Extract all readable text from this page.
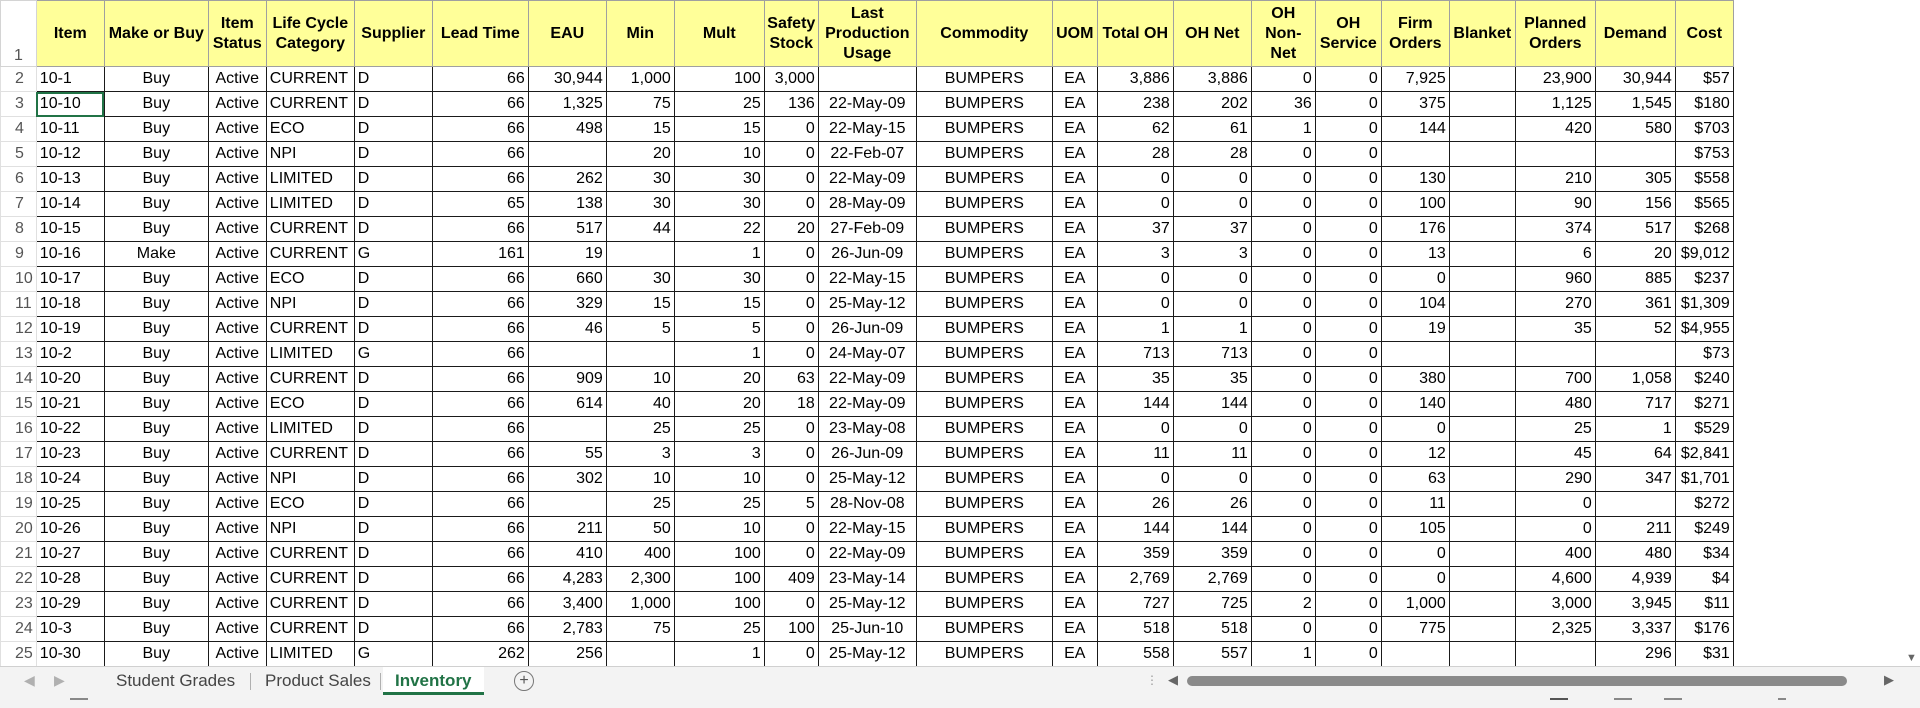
1	Item	Make or Buy	Item Status	Life Cycle Category	Supplier	Lead Time	EAU	Min	Mult	Safety Stock	Last Production Usage	Commodity	UOM	Total OH	OH Net	OH Non-Net	OH Service	Firm Orders	Blanket	Planned Orders	Demand	Cost
2	10-1	Buy	Active	CURRENT	D	66	30,944	1,000	100	3,000		BUMPERS	EA	3,886	3,886	0	0	7,925		23,900	30,944	$57
3	10-10	Buy	Active	CURRENT	D	66	1,325	75	25	136	22-May-09	BUMPERS	EA	238	202	36	0	375		1,125	1,545	$180
4	10-11	Buy	Active	ECO	D	66	498	15	15	0	22-May-15	BUMPERS	EA	62	61	1	0	144		420	580	$703
5	10-12	Buy	Active	NPI	D	66		20	10	0	22-Feb-07	BUMPERS	EA	28	28	0	0					$753
6	10-13	Buy	Active	LIMITED	D	66	262	30	30	0	22-May-09	BUMPERS	EA	0	0	0	0	130		210	305	$558
7	10-14	Buy	Active	LIMITED	D	65	138	30	30	0	28-May-09	BUMPERS	EA	0	0	0	0	100		90	156	$565
8	10-15	Buy	Active	CURRENT	D	66	517	44	22	20	27-Feb-09	BUMPERS	EA	37	37	0	0	176		374	517	$268
9	10-16	Make	Active	CURRENT	G	161	19		1	0	26-Jun-09	BUMPERS	EA	3	3	0	0	13		6	20	$9,012
10	10-17	Buy	Active	ECO	D	66	660	30	30	0	22-May-15	BUMPERS	EA	0	0	0	0	0		960	885	$237
11	10-18	Buy	Active	NPI	D	66	329	15	15	0	25-May-12	BUMPERS	EA	0	0	0	0	104		270	361	$1,309
12	10-19	Buy	Active	CURRENT	D	66	46	5	5	0	26-Jun-09	BUMPERS	EA	1	1	0	0	19		35	52	$4,955
13	10-2	Buy	Active	LIMITED	G	66			1	0	24-May-07	BUMPERS	EA	713	713	0	0					$73
14	10-20	Buy	Active	CURRENT	D	66	909	10	20	63	22-May-09	BUMPERS	EA	35	35	0	0	380		700	1,058	$240
15	10-21	Buy	Active	ECO	D	66	614	40	20	18	22-May-09	BUMPERS	EA	144	144	0	0	140		480	717	$271
16	10-22	Buy	Active	LIMITED	D	66		25	25	0	23-May-08	BUMPERS	EA	0	0	0	0	0		25	1	$529
17	10-23	Buy	Active	CURRENT	D	66	55	3	3	0	26-Jun-09	BUMPERS	EA	11	11	0	0	12		45	64	$2,841
18	10-24	Buy	Active	NPI	D	66	302	10	10	0	25-May-12	BUMPERS	EA	0	0	0	0	63		290	347	$1,701
19	10-25	Buy	Active	ECO	D	66		25	25	5	28-Nov-08	BUMPERS	EA	26	26	0	0	11		0		$272
20	10-26	Buy	Active	NPI	D	66	211	50	10	0	22-May-15	BUMPERS	EA	144	144	0	0	105		0	211	$249
21	10-27	Buy	Active	CURRENT	D	66	410	400	100	0	22-May-09	BUMPERS	EA	359	359	0	0	0		400	480	$34
22	10-28	Buy	Active	CURRENT	D	66	4,283	2,300	100	409	23-May-14	BUMPERS	EA	2,769	2,769	0	0	0		4,600	4,939	$4
23	10-29	Buy	Active	CURRENT	D	66	3,400	1,000	100	0	25-May-12	BUMPERS	EA	727	725	2	0	1,000		3,000	3,945	$11
24	10-3	Buy	Active	CURRENT	D	66	2,783	75	25	100	25-Jun-10	BUMPERS	EA	518	518	0	0	775		2,325	3,337	$176
25	10-30	Buy	Active	LIMITED	G	262	256		1	0	25-May-12	BUMPERS	EA	558	557	1	0				296	$31
◀ ▶	Student Grades	Product Sales	Inventory	+	⋮ ◀	▶
▼
